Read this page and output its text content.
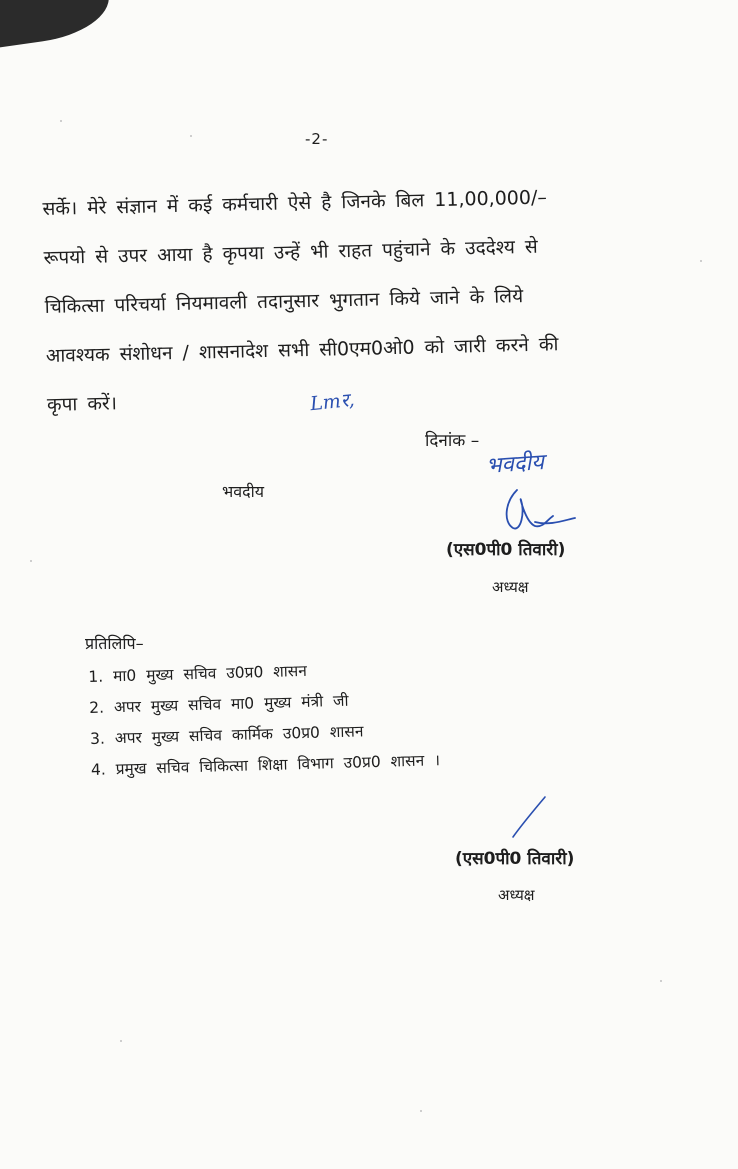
-2-
सर्के। मेरे संज्ञान में कई कर्मचारी ऐसे है जिनके बिल 11,00,000/–
रूपयो से उपर आया है कृपया उन्हें भी राहत पहुंचाने के उददेश्य से
चिकित्सा परिचर्या नियमावली तदानुसार भुगतान किये जाने के लिये
आवश्यक संशोधन / शासनादेश सभी सी0एम0ओ0 को जारी करने की
कृपा करें।	Lmर,
दिनांक –
भवदीय
भवदीय
(एस0पी0 तिवारी)
अध्यक्ष
प्रतिलिपि–
1. मा0 मुख्य सचिव उ0प्र0 शासन
2. अपर मुख्य सचिव मा0 मुख्य मंत्री जी
3. अपर मुख्य सचिव कार्मिक उ0प्र0 शासन
4. प्रमुख सचिव चिकित्सा शिक्षा विभाग उ0प्र0 शासन ।
(एस0पी0 तिवारी)
अध्यक्ष
